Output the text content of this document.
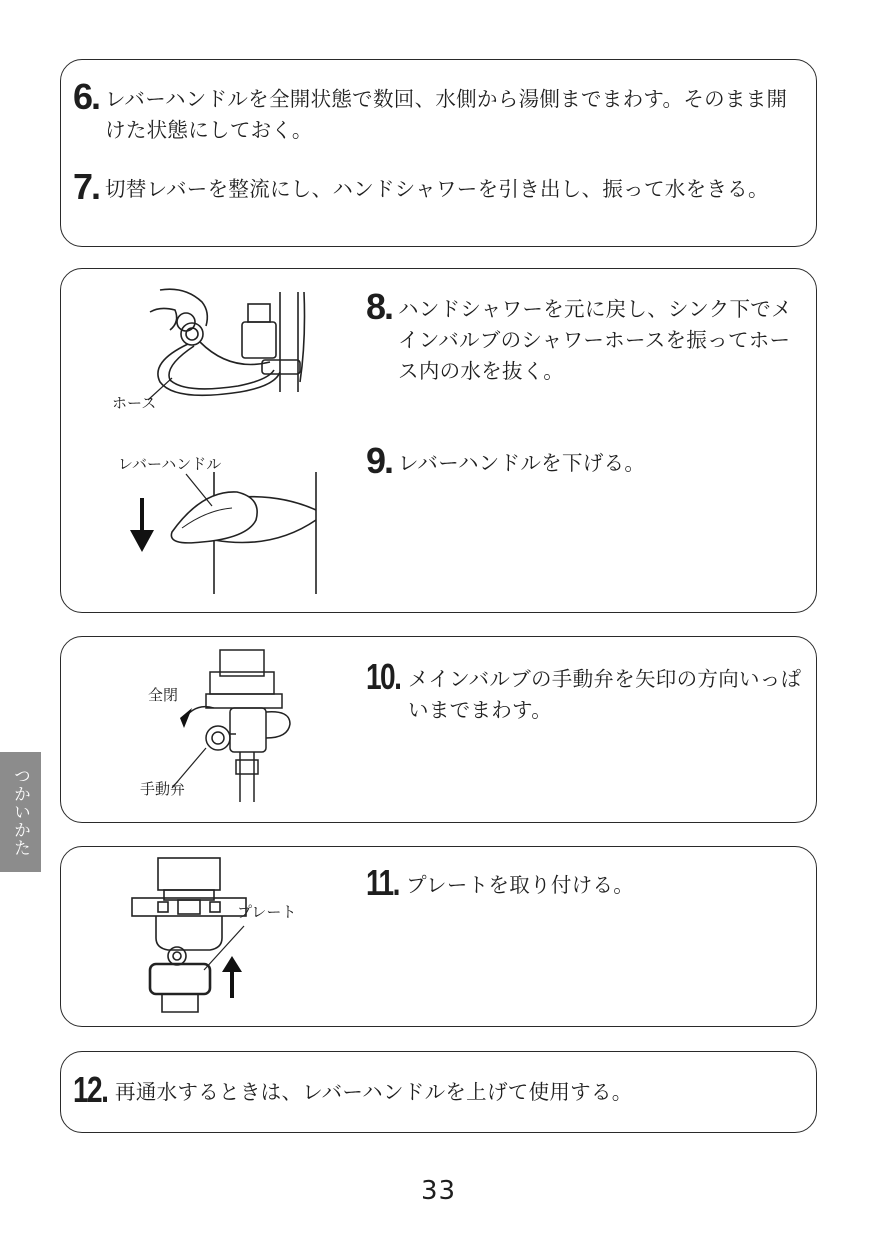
6. レバーハンドルを全開状態で数回、水側から湯側までまわす。そのまま開けた状態にしておく。
7. 切替レバーを整流にし、ハンドシャワーを引き出し、振って水をきる。
ホース
8. ハンドシャワーを元に戻し、シンク下でメインバルブのシャワーホースを振ってホース内の水を抜く。
レバーハンドル	9. レバーハンドルを下げる。
全閉
手動弁
10. メインバルブの手動弁を矢印の方向いっぱいまでまわす。
プレート
11. プレートを取り付ける。
12. 再通水するときは、レバーハンドルを上げて使用する。
つかいかた
33
